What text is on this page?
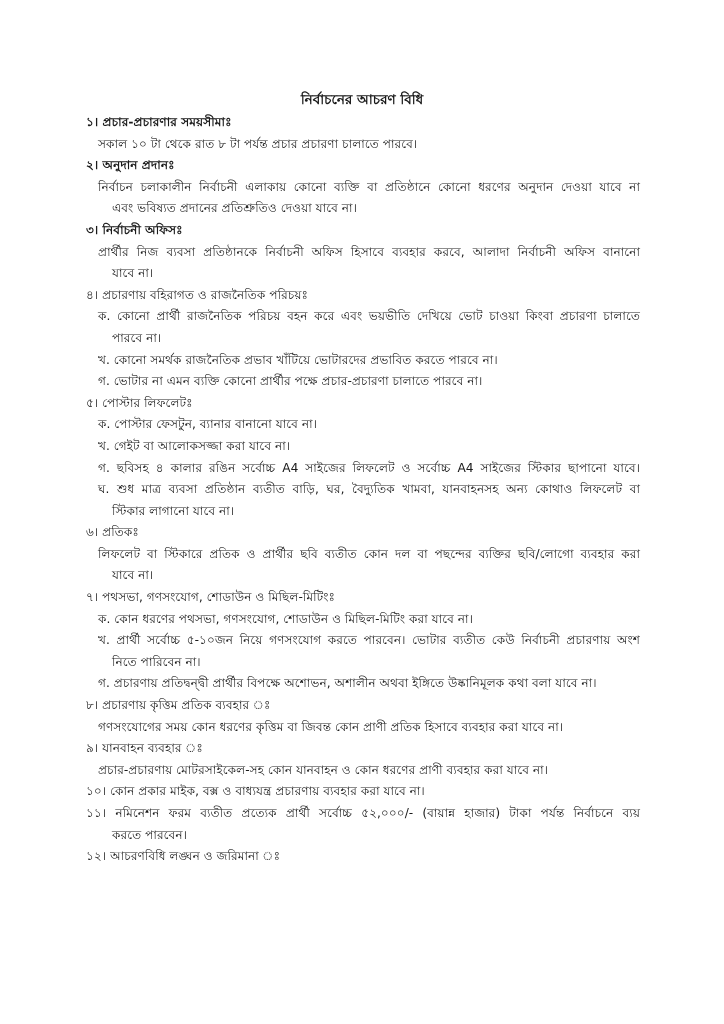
নির্বাচনের আচরণ বিধি
১। প্রচার-প্রচারণার সময়সীমাঃ
সকাল ১০ টা থেকে রাত ৮ টা পর্যন্ত প্রচার প্রচারণা চালাতে পারবে।
২। অনুদান প্রদানঃ
নির্বাচন চলাকালীন নির্বাচনী এলাকায় কোনো ব্যক্তি বা প্রতিষ্ঠানে কোনো ধরণের অনুদান দেওয়া যাবে না
এবং ভবিষ্যত প্রদানের প্রতিশ্রুতিও দেওয়া যাবে না।
৩। নির্বাচনী অফিসঃ
প্রার্থীর নিজ ব্যবসা প্রতিষ্ঠানকে নির্বাচনী অফিস হিসাবে ব্যবহার করবে, আলাদা নির্বাচনী অফিস বানানো
যাবে না।
৪। প্রচারণায় বহিরাগত ও রাজনৈতিক পরিচয়ঃ
ক. কোনো প্রার্থী রাজনৈতিক পরিচয় বহন করে এবং ভয়ভীতি দেখিয়ে ভোট চাওয়া কিংবা প্রচারণা চালাতে
পারবে না।
খ. কোনো সমর্থক রাজনৈতিক প্রভাব খাঁটিয়ে ভোটারদের প্রভাবিত করতে পারবে না।
গ. ভোটার না এমন ব্যক্তি কোনো প্রার্থীর পক্ষে প্রচার-প্রচারণা চালাতে পারবে না।
৫। পোস্টার লিফলেটঃ
ক. পোস্টার ফেসটুন, ব্যানার বানানো যাবে না।
খ. গেইট বা আলোকসজ্জা করা যাবে না।
গ. ছবিসহ ৪ কালার রঙিন সর্বোচ্চ A4 সাইজের লিফলেট ও সর্বোচ্চ A4 সাইজের স্টিকার ছাপানো যাবে।
ঘ. শুধ মাত্র ব্যবসা প্রতিষ্ঠান ব্যতীত বাড়ি, ঘর, বৈদ্যুতিক খামবা, যানবাহনসহ অন্য কোথাও লিফলেট বা
স্টিকার লাগানো যাবে না।
৬। প্রতিকঃ
লিফলেট বা স্টিকারে প্রতিক ও প্রার্থীর ছবি ব্যতীত কোন দল বা পছন্দের ব্যক্তির ছবি/লোগো ব্যবহার করা
যাবে না।
৭। পথসভা, গণসংযোগ, শোডাউন ও মিছিল-মিটিংঃ
ক. কোন ধরণের পথসভা, গণসংযোগ, শোডাউন ও মিছিল-মিটিং করা যাবে না।
খ. প্রার্থী সর্বোচ্চ ৫-১০জন নিয়ে গণসংযোগ করতে পারবেন। ভোটার ব্যতীত কেউ নির্বাচনী প্রচারণায় অংশ
নিতে পারিবেন না।
গ. প্রচারণায় প্রতিদ্বন্দ্বী প্রার্থীর বিপক্ষে অশোভন, অশালীন অথবা ইঙ্গিতে উষ্কানিমূলক কথা বলা যাবে না।
৮। প্রচারণায় কৃত্তিম প্রতিক ব্যবহার ঃ
গণসংযোগের সময় কোন ধরণের কৃত্তিম বা জিবন্ত কোন প্রাণী প্রতিক হিসাবে ব্যবহার করা যাবে না।
৯। যানবাহন ব্যবহার ঃ
প্রচার-প্রচারণায় মোটরসাইকেল-সহ কোন যানবাহন ও কোন ধরণের প্রাণী ব্যবহার করা যাবে না।
১০। কোন প্রকার মাইক, বক্স ও বাধ্যযন্ত্র প্রচারণায় ব্যবহার করা যাবে না।
১১। নমিনেশন ফরম ব্যতীত প্রত্যেক প্রার্থী সর্বোচ্চ ৫২,০০০/- (বায়ান্ন হাজার) টাকা পর্যন্ত নির্বাচনে ব্যয়
করতে পারবেন।
১২। আচরণবিধি লঙ্ঘন ও জরিমানা ঃ
